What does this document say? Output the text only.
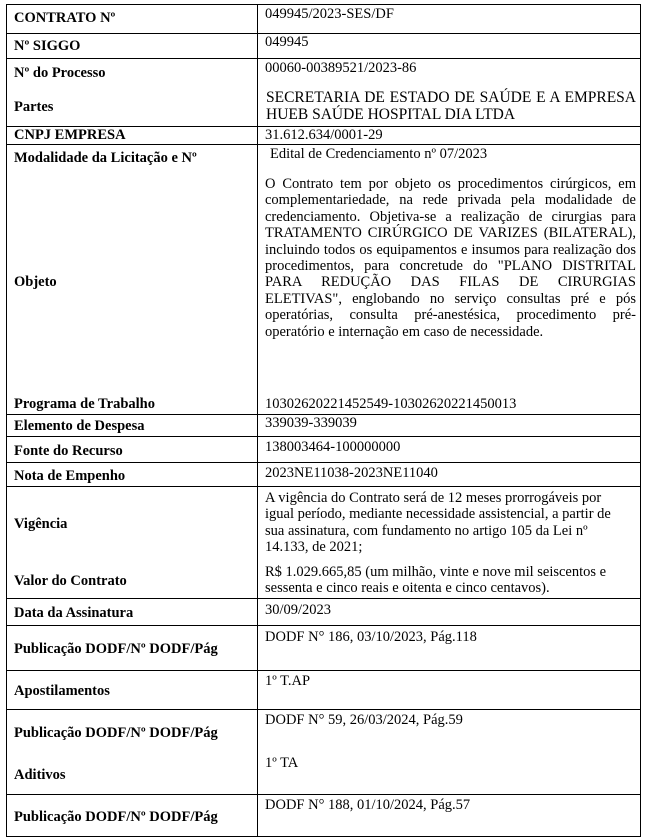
CONTRATO Nº
Nº SIGGO
Nº do Processo
Partes
CNPJ EMPRESA
Modalidade da Licitação e Nº
Objeto
Programa de Trabalho
Elemento de Despesa
Fonte do Recurso
Nota de Empenho
Vigência
Valor do Contrato
Data da Assinatura
Publicação DODF/Nº DODF/Pág
Apostilamentos
Publicação DODF/Nº DODF/Pág
Aditivos
Publicação DODF/Nº DODF/Pág
049945/2023-SES/DF
049945
00060-00389521/2023-86
SECRETARIA DE ESTADO DE SAÚDE E A EMPRESA HUEB SAÚDE HOSPITAL DIA LTDA
31.612.634/0001-29
Edital de Credenciamento nº 07/2023
O Contrato tem por objeto os procedimentos cirúrgicos, em complementariedade, na rede privada pela modalidade de credenciamento. Objetiva-se a realização de cirurgias para TRATAMENTO CIRÚRGICO DE VARIZES (BILATERAL), incluindo todos os equipamentos e insumos para realização dos procedimentos, para concretude do "PLANO DISTRITAL PARA REDUÇÃO DAS FILAS DE CIRURGIAS ELETIVAS", englobando no serviço consultas pré e pós operatórias, consulta pré-anestésica, procedimento pré-operatório e internação em caso de necessidade.
10302620221452549-10302620221450013
339039-339039
138003464-100000000
2023NE11038-2023NE11040
A vigência do Contrato será de 12 meses prorrogáveis por igual período, mediante necessidade assistencial, a partir de sua assinatura, com fundamento no artigo 105 da Lei nº 14.133, de 2021;
R$ 1.029.665,85 (um milhão, vinte e nove mil seiscentos e sessenta e cinco reais e oitenta e cinco centavos).
30/09/2023
DODF N° 186, 03/10/2023, Pág.118
1º T.AP
DODF N° 59, 26/03/2024, Pág.59
1º TA
DODF N° 188, 01/10/2024, Pág.57
